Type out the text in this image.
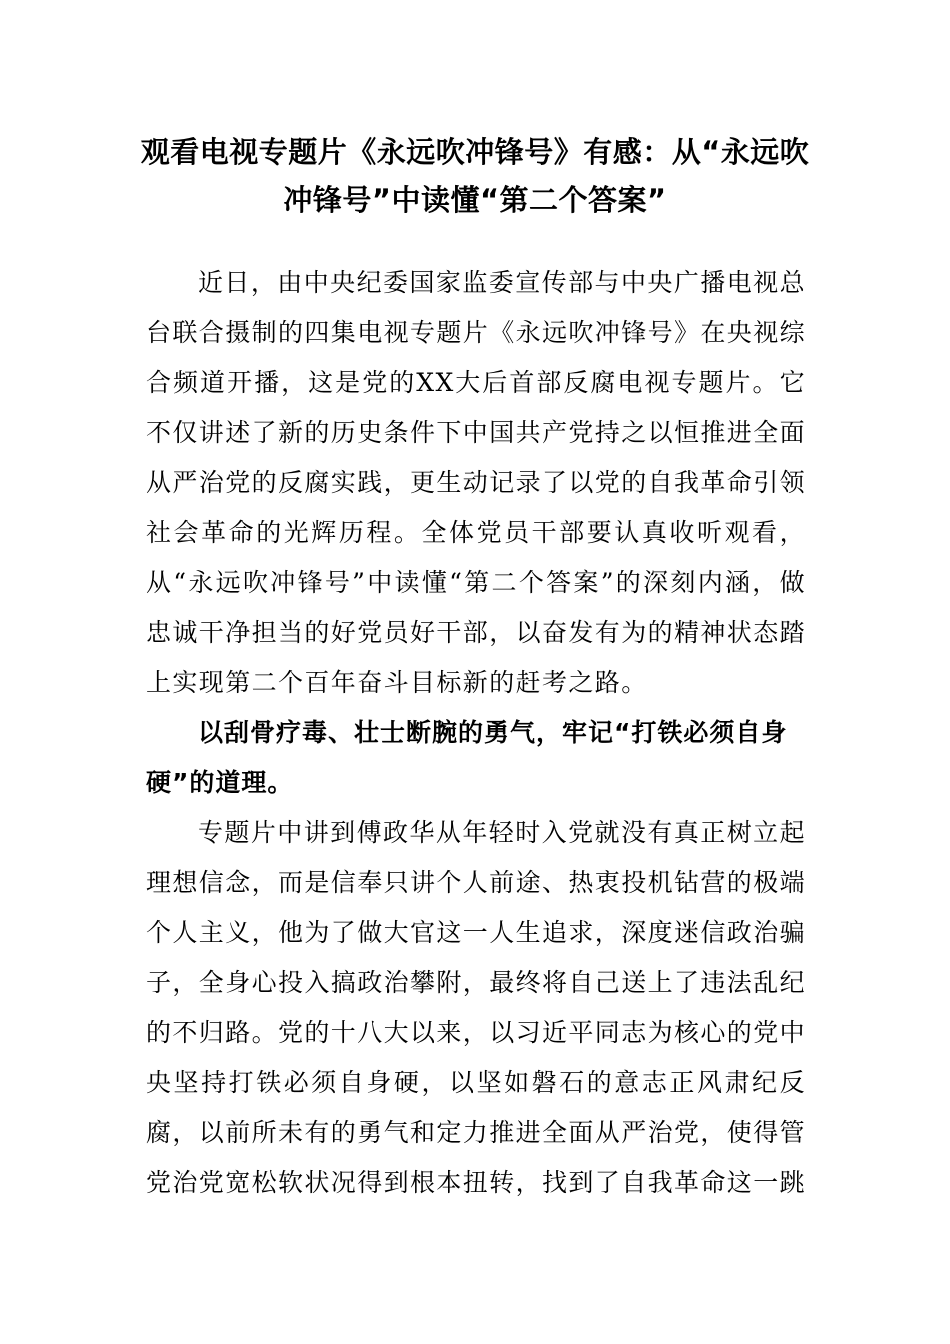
观看电视专题片《永远吹冲锋号》有感：从“永远吹
冲锋号”中读懂“第二个答案”

近日，由中央纪委国家监委宣传部与中央广播电视总台联合摄制的四集电视专题片《永远吹冲锋号》在央视综合频道开播，这是党的XX大后首部反腐电视专题片。它不仅讲述了新的历史条件下中国共产党持之以恒推进全面从严治党的反腐实践，更生动记录了以党的自我革命引领社会革命的光辉历程。全体党员干部要认真收听观看，从“永远吹冲锋号”中读懂“第二个答案”的深刻内涵，做忠诚干净担当的好党员好干部，以奋发有为的精神状态踏上实现第二个百年奋斗目标新的赶考之路。

以刮骨疗毒、壮士断腕的勇气，牢记“打铁必须自身硬”的道理。

专题片中讲到傅政华从年轻时入党就没有真正树立起理想信念，而是信奉只讲个人前途、热衷投机钻营的极端个人主义，他为了做大官这一人生追求，深度迷信政治骗子，全身心投入搞政治攀附，最终将自己送上了违法乱纪的不归路。党的十八大以来，以习近平同志为核心的党中央坚持打铁必须自身硬，以坚如磐石的意志正风肃纪反腐，以前所未有的勇气和定力推进全面从严治党，使得管党治党宽松软状况得到根本扭转，找到了自我革命这一跳
